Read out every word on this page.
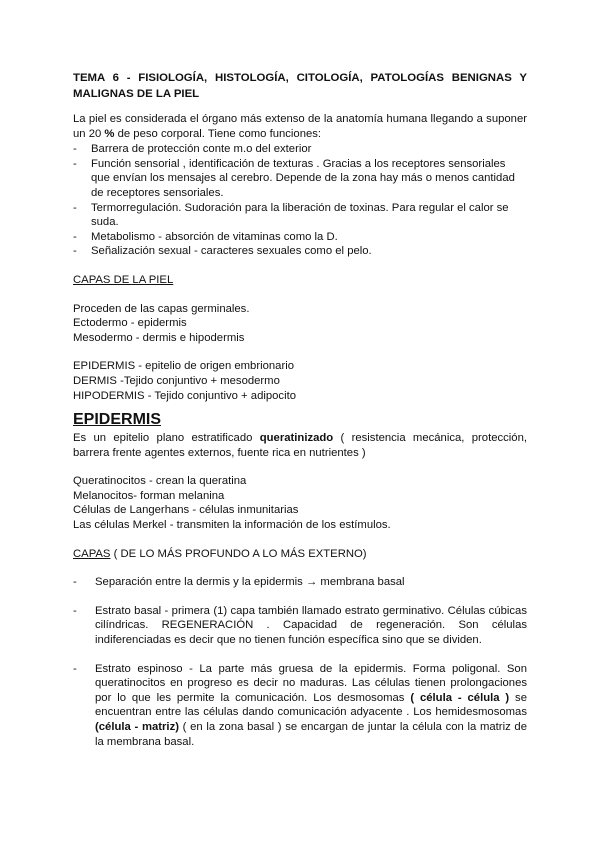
TEMA 6 - FISIOLOGÍA, HISTOLOGÍA, CITOLOGÍA, PATOLOGÍAS BENIGNAS Y MALIGNAS DE LA PIEL

La piel es considerada el órgano más extenso de la anatomía humana llegando a suponer un 20 % de peso corporal. Tiene como funciones:

- Barrera de protección conte m.o del exterior
- Función sensorial , identificación de texturas . Gracias a los receptores sensoriales que envían los mensajes al cerebro. Depende de la zona hay más o menos cantidad de receptores sensoriales.
- Termorregulación. Sudoración para la liberación de toxinas. Para regular el calor se suda.
- Metabolismo - absorción de vitaminas como la D.
- Señalización sexual - caracteres sexuales como el pelo.

CAPAS DE LA PIEL

Proceden de las capas germinales.

Ectodermo - epidermis

Mesodermo - dermis e hipodermis

EPIDERMIS - epitelio de origen embrionario

DERMIS -Tejido conjuntivo + mesodermo

HIPODERMIS - Tejido conjuntivo + adipocito

EPIDERMIS

Es un epitelio plano estratificado queratinizado ( resistencia mecánica, protección, barrera frente agentes externos, fuente rica en nutrientes )

Queratinocitos - crean la queratina

Melanocitos- forman melanina

Células de Langerhans - células inmunitarias

Las células Merkel - transmiten la información de los estímulos.

CAPAS ( DE LO MÁS PROFUNDO A LO MÁS EXTERNO)

- Separación entre la dermis y la epidermis → membrana basal
- Estrato basal - primera (1) capa también llamado estrato germinativo. Células cúbicas cilíndricas. REGENERACIÓN . Capacidad de regeneración. Son células indiferenciadas es decir que no tienen función específica sino que se dividen.
- Estrato espinoso - La parte más gruesa de la epidermis. Forma poligonal. Son queratinocitos en progreso es decir no maduras. Las células tienen prolongaciones por lo que les permite la comunicación. Los desmosomas ( célula - célula ) se encuentran entre las células dando comunicación adyacente . Los hemidesmosomas (célula - matriz) ( en la zona basal ) se encargan de juntar la célula con la matriz de la membrana basal.
